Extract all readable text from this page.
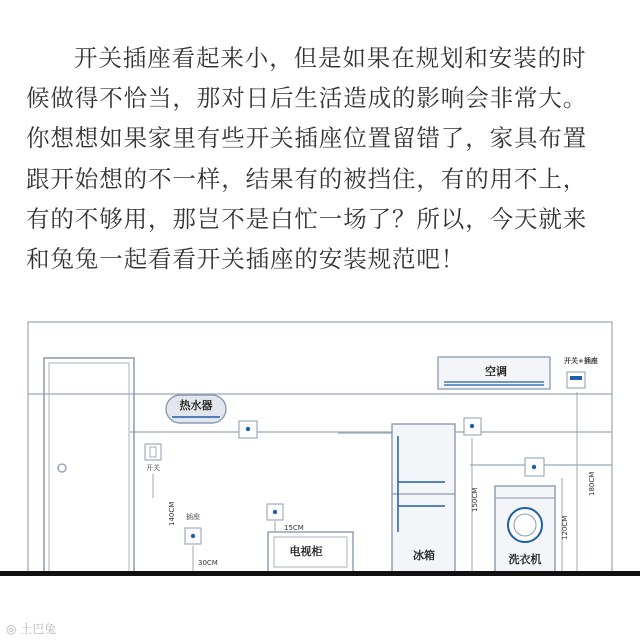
开关插座看起来小，但是如果在规划和安装的时
候做得不恰当，那对日后生活造成的影响会非常大。
你想想如果家里有些开关插座位置留错了，家具布置
跟开始想的不一样，结果有的被挡住，有的用不上，
有的不够用，那岂不是白忙一场了？所以，今天就来
和兔兔一起看看开关插座的安装规范吧！
热水器
空调
开关+插座
开关
140CM 插座
30CM
15CM
电视柜	冰箱
150CM
洗衣机
120CM
180CM
◎ 土巴兔
